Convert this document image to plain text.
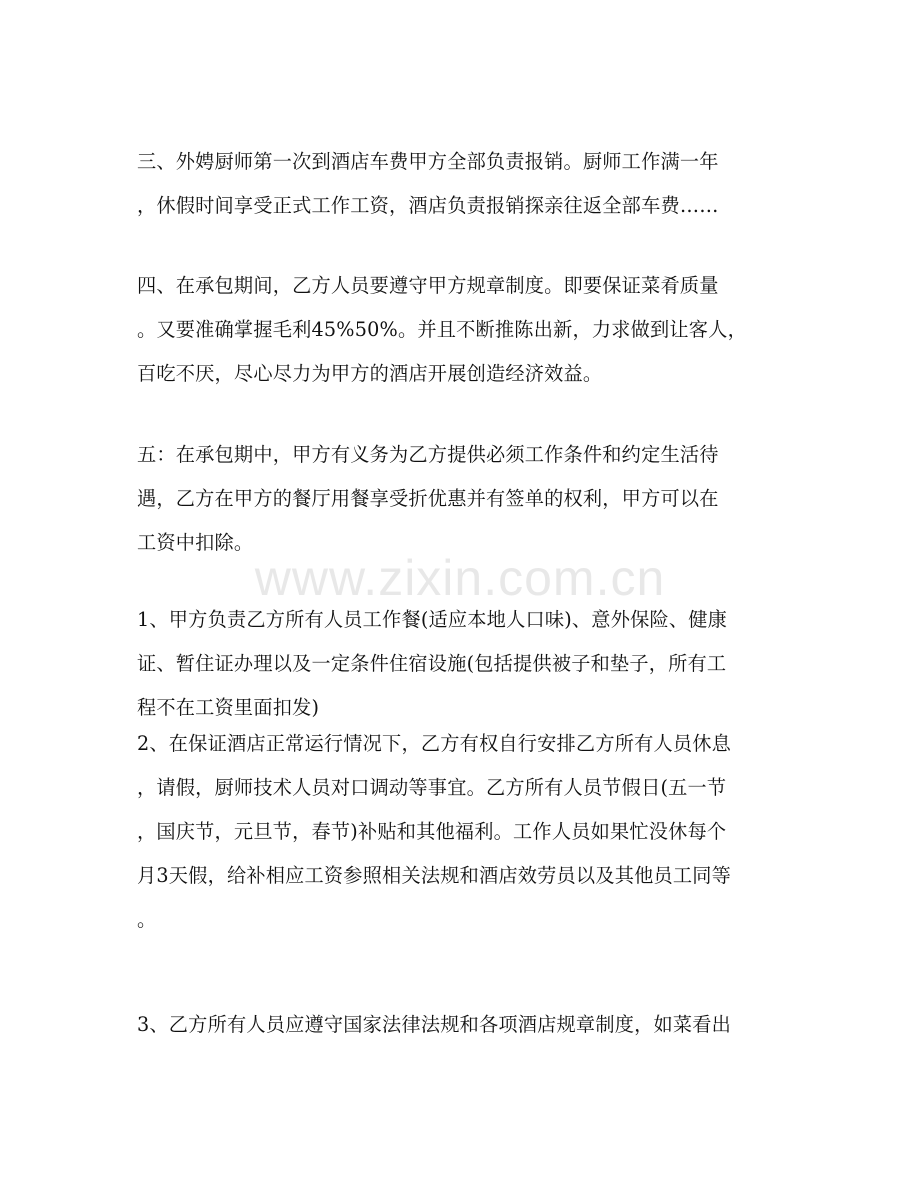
三、外娉厨师第一次到酒店车费甲方全部负责报销。厨师工作满一年
，休假时间享受正式工作工资，酒店负责报销探亲往返全部车费……
四、在承包期间，乙方人员要遵守甲方规章制度。即要保证菜肴质量
。又要准确掌握毛利45%50%。并且不断推陈出新，力求做到让客人，
百吃不厌，尽心尽力为甲方的酒店开展创造经济效益。
五：在承包期中，甲方有义务为乙方提供必须工作条件和约定生活待
遇，乙方在甲方的餐厅用餐享受折优惠并有签单的权利，甲方可以在
工资中扣除。
www.zixin.com.cn
1、甲方负责乙方所有人员工作餐(适应本地人口味)、意外保险、健康
证、暂住证办理以及一定条件住宿设施(包括提供被子和垫子，所有工
程不在工资里面扣发)
2、在保证酒店正常运行情况下，乙方有权自行安排乙方所有人员休息
，请假，厨师技术人员对口调动等事宜。乙方所有人员节假日(五一节
，国庆节，元旦节，春节)补贴和其他福利。工作人员如果忙没休每个
月3天假，给补相应工资参照相关法规和酒店效劳员以及其他员工同等
。
3、乙方所有人员应遵守国家法律法规和各项酒店规章制度，如菜看出
